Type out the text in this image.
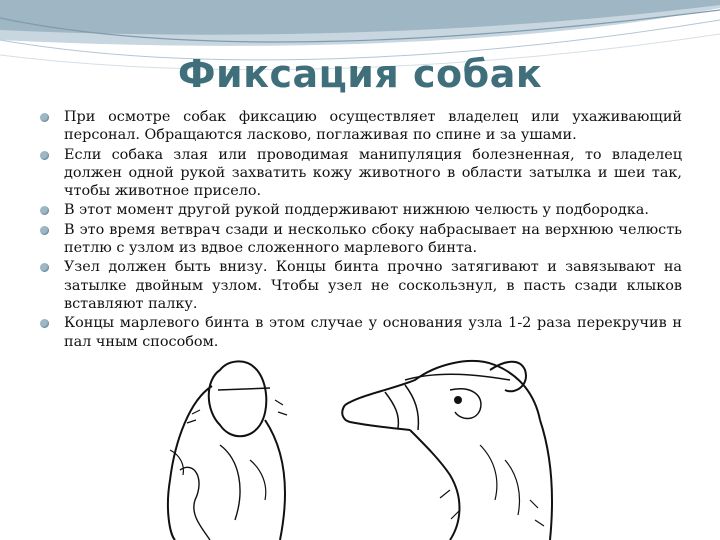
Фиксация собак
При осмотре собак фиксацию осуществляет владелец или ухаживающий персонал. Обращаются ласково, поглаживая по спине и за ушами.
Если собака злая или проводимая манипуляция болезненная, то владелец должен одной рукой захватить кожу животного в области затылка и шеи так, чтобы животное присело.
В этот момент другой рукой поддерживают нижнюю челюсть у подбородка.
В это время ветврач сзади и несколько сбоку набрасывает на верхнюю челюсть петлю с узлом из вдвое сложенного марлевого бинта.
Узел должен быть внизу. Концы бинта прочно затягивают и завязывают на затылке двойным узлом. Чтобы узел не соскользнул, в пасть сзади клыков вставляют палку.
Концы марлевого бинта в этом случае у основания узла 1-2 раза перекручив н пал чным способом.
